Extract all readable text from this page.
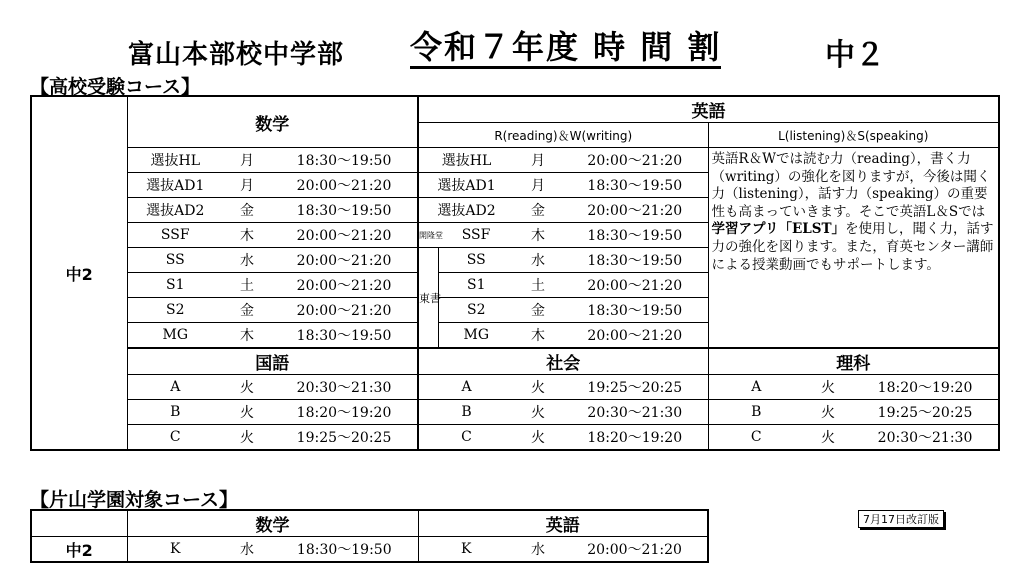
富山本部校中学部 令和７年度 時 間 割	中２
【高校受験コース】
中2	数学			英語						
				R(reading)＆W(writing)				L(listening)＆S(speaking)		
	選抜HL	月	18:30〜19:50	選抜HL		月	20:00〜21:20	英語R＆Wでは読む力（reading），書く力（writing）の強化を図りますが，今後は聞く力（listening），話す力（speaking）の重要性も高まっていきます。そこで英語L＆Sでは学習アプリ「ELST」を使用し，聞く力，話す力の強化を図ります。また，育英センター講師による授業動画でもサポートします。		
	選抜AD1	月	20:00〜21:20	選抜AD1		月	18:30〜19:50			
	選抜AD2	金	18:30〜19:50	選抜AD2		金	20:00〜21:20			
	SSF	木	20:00〜21:20	開隆堂	SSF	木	18:30〜19:50			
	SS	水	20:00〜21:20	東書	SS	水	18:30〜19:50			
	S1	土	20:00〜21:20		S1	土	20:00〜21:20			
	S2	金	20:00〜21:20		S2	金	18:30〜19:50			
	MG	木	18:30〜19:50		MG	木	20:00〜21:20			
	国語			社会				理科		
	A	火	20:30〜21:30	A		火	19:25〜20:25	A	火	18:20〜19:20
	B	火	18:20〜19:20	B		火	20:30〜21:30	B	火	19:25〜20:25
	C	火	19:25〜20:25	C		火	18:20〜19:20	C	火	20:30〜21:30
【片山学園対象コース】
	数学			英語		
中2	K	水	18:30〜19:50	K	水	20:00〜21:20
7月17日改訂版
